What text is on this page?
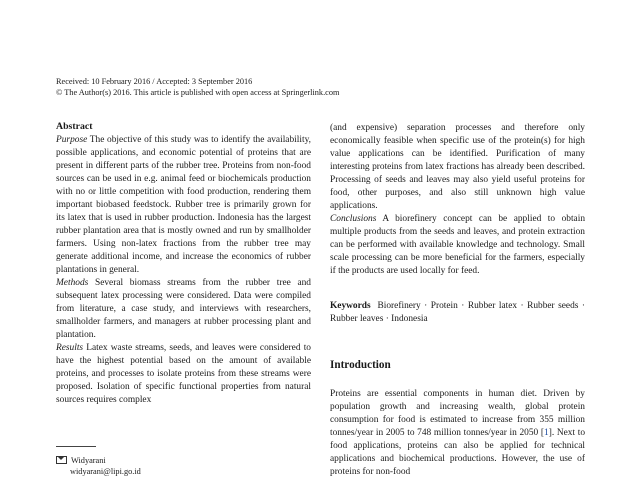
Received: 10 February 2016 / Accepted: 3 September 2016
© The Author(s) 2016. This article is published with open access at Springerlink.com
Abstract

Purpose The objective of this study was to identify the availability, possible applications, and economic potential of proteins that are present in different parts of the rubber tree. Proteins from non-food sources can be used in e.g. animal feed or biochemicals production with no or little competition with food production, rendering them important biobased feedstock. Rubber tree is primarily grown for its latex that is used in rubber production. Indonesia has the largest rubber plantation area that is mostly owned and run by smallholder farmers. Using non-latex fractions from the rubber tree may generate additional income, and increase the economics of rubber plantations in general.

Methods Several biomass streams from the rubber tree and subsequent latex processing were considered. Data were compiled from literature, a case study, and interviews with researchers, smallholder farmers, and managers at rubber processing plant and plantation.

Results Latex waste streams, seeds, and leaves were considered to have the highest potential based on the amount of available proteins, and processes to isolate proteins from these streams were proposed. Isolation of specific functional properties from natural sources requires complex

(and expensive) separation processes and therefore only economically feasible when specific use of the protein(s) for high value applications can be identified. Purification of many interesting proteins from latex fractions has already been described. Processing of seeds and leaves may also yield useful proteins for food, other purposes, and also still unknown high value applications.

Conclusions A biorefinery concept can be applied to obtain multiple products from the seeds and leaves, and protein extraction can be performed with available knowledge and technology. Small scale processing can be more beneficial for the farmers, especially if the products are used locally for feed.

Keywords Biorefinery · Protein · Rubber latex · Rubber seeds · Rubber leaves · Indonesia
Introduction
Proteins are essential components in human diet. Driven by population growth and increasing wealth, global protein consumption for food is estimated to increase from 355 million tonnes/year in 2005 to 748 million tonnes/year in 2050 [1]. Next to food applications, proteins can also be applied for technical applications and biochemical productions. However, the use of proteins for non-food
Widyarani
widyarani@lipi.go.id
